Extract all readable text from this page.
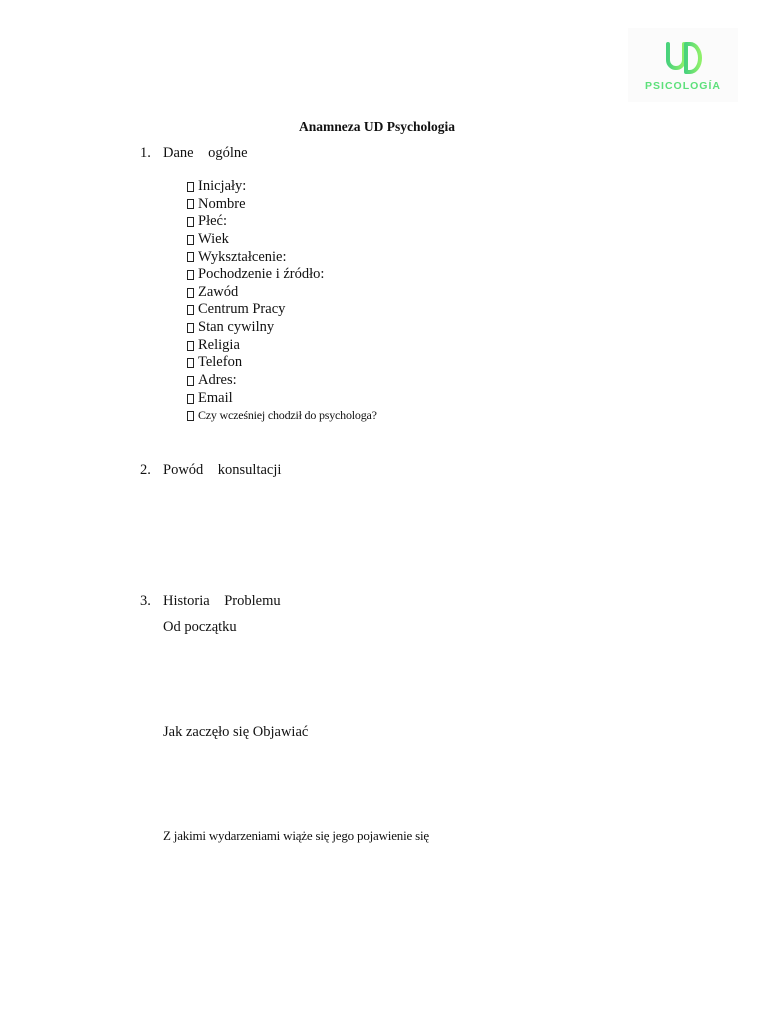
PSICOLOGÍA
Anamneza UD Psychologia
1. Dane    ogólne
Inicjały:
Nombre
Płeć:
Wiek
Wykształcenie:
Pochodzenie i źródło:
Zawód
Centrum Pracy
Stan cywilny
Religia
Telefon
Adres:
Email
Czy wcześniej chodził do psychologa?
2. Powód    konsultacji
3. Historia    Problemu
Od początku
Jak zaczęło się Objawiać
Z jakimi wydarzeniami wiąże się jego pojawienie się
